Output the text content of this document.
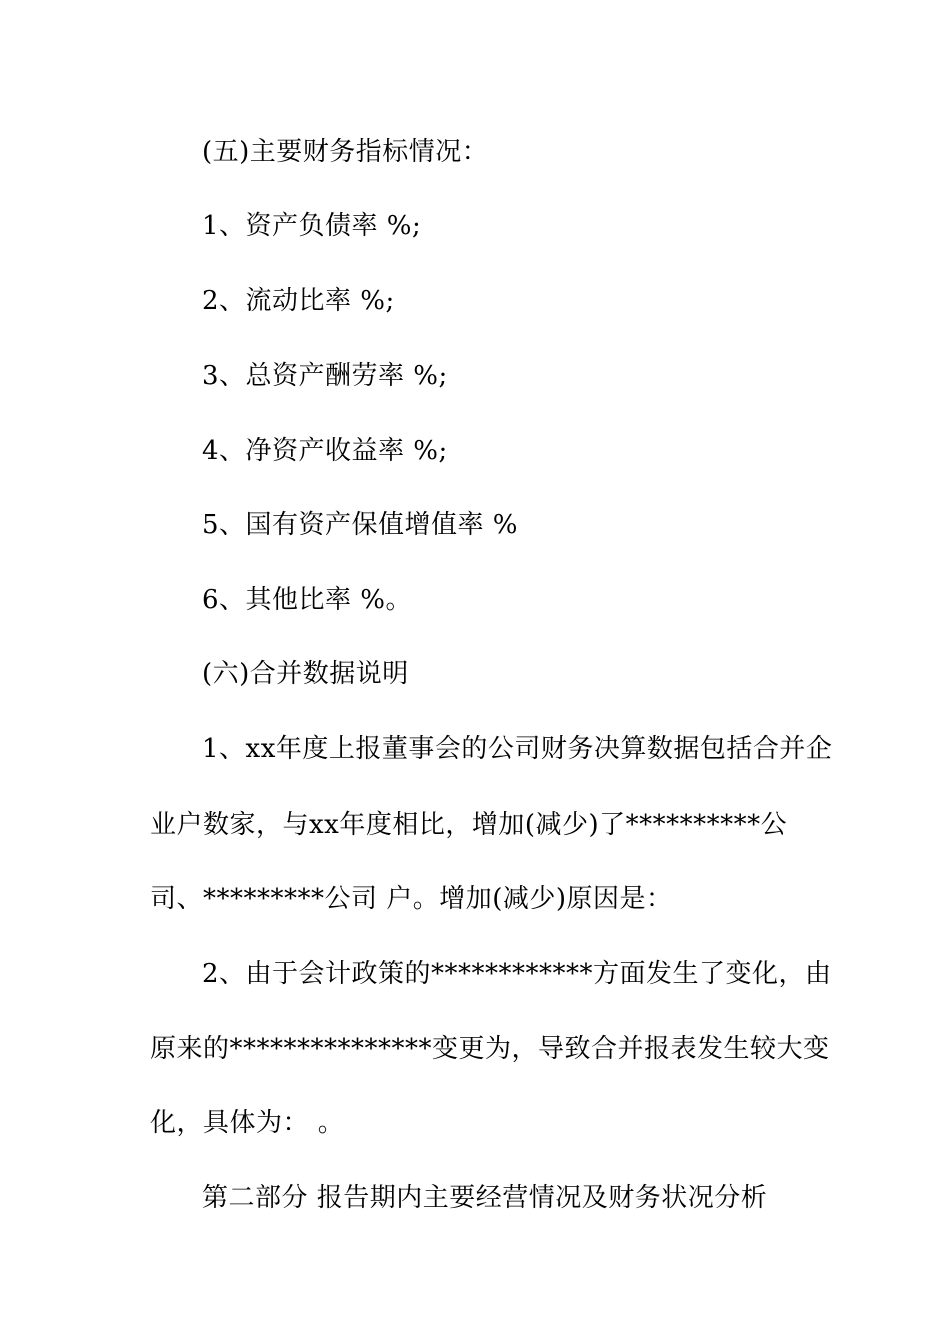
(五)主要财务指标情况：
1、资产负债率 %;
2、流动比率 %;
3、总资产酬劳率 %;
4、净资产收益率 %;
5、国有资产保值增值率 %
6、其他比率 %。
(六)合并数据说明
1、xx年度上报董事会的公司财务决算数据包括合并企
业户数家，与xx年度相比，增加(减少)了**********公
司、*********公司 户。增加(减少)原因是：
2、由于会计政策的************方面发生了变化，由
原来的***************变更为，导致合并报表发生较大变
化，具体为： 。
第二部分 报告期内主要经营情况及财务状况分析
